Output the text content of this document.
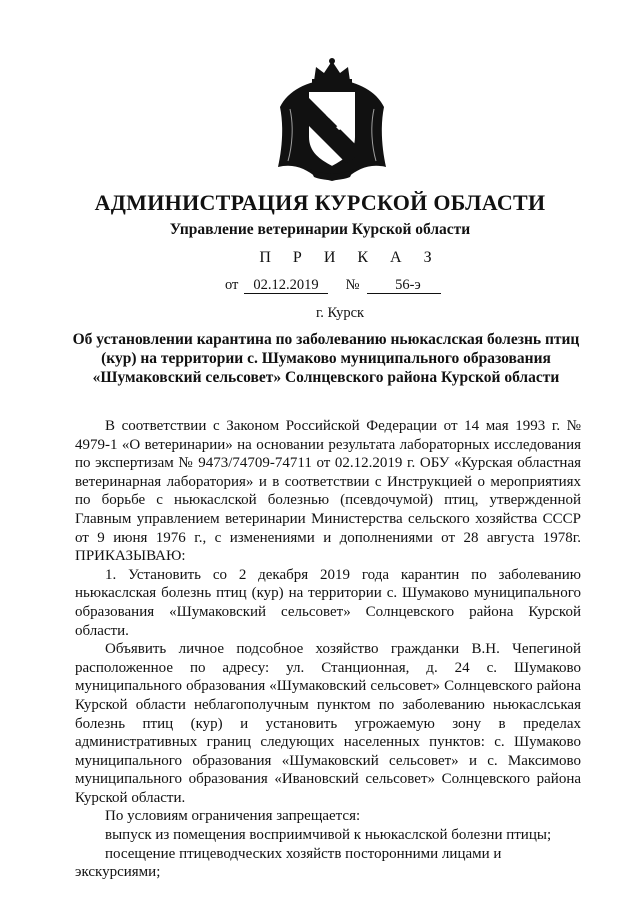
АДМИНИСТРАЦИЯ КУРСКОЙ ОБЛАСТИ
Управление ветеринарии Курской области
П Р И К А З
от 02.12.2019 № 56-э
г. Курск
Об установлении карантина по заболеванию ньюкаслская болезнь птиц (кур) на территории с. Шумаково муниципального образования «Шумаковский сельсовет» Солнцевского района Курской области

В соответствии с Законом Российской Федерации от 14 мая 1993 г. № 4979-1 «О ветеринарии» на основании результата лабораторных исследования по экспертизам № 9473/74709-74711 от 02.12.2019 г. ОБУ «Курская областная ветеринарная лаборатория» и в соответствии с Инструкцией о мероприятиях по борьбе с ньюкаслской болезнью (псевдочумой) птиц, утвержденной Главным управлением ветеринарии Министерства сельского хозяйства СССР от 9 июня 1976 г., с изменениями и дополнениями от 28 августа 1978г. ПРИКАЗЫВАЮ:

1. Установить со 2 декабря 2019 года карантин по заболеванию ньюкаслская болезнь птиц (кур) на территории с. Шумаково муниципального образования «Шумаковский сельсовет» Солнцевского района Курской области.

Объявить личное подсобное хозяйство гражданки В.Н. Чепегиной расположенное по адресу: ул. Станционная, д. 24 с. Шумаково муниципального образования «Шумаковский сельсовет» Солнцевского района Курской области неблагополучным пунктом по заболеванию ньюкаслськая болезнь птиц (кур) и установить угрожаемую зону в пределах административных границ следующих населенных пунктов: с. Шумаково муниципального образования «Шумаковский сельсовет» и с. Максимово муниципального образования «Ивановский сельсовет» Солнцевского района Курской области.

По условиям ограничения запрещается:

выпуск из помещения восприимчивой к ньюкаслской болезни птицы;

посещение птицеводческих хозяйств посторонними лицами и экскурсиями;
